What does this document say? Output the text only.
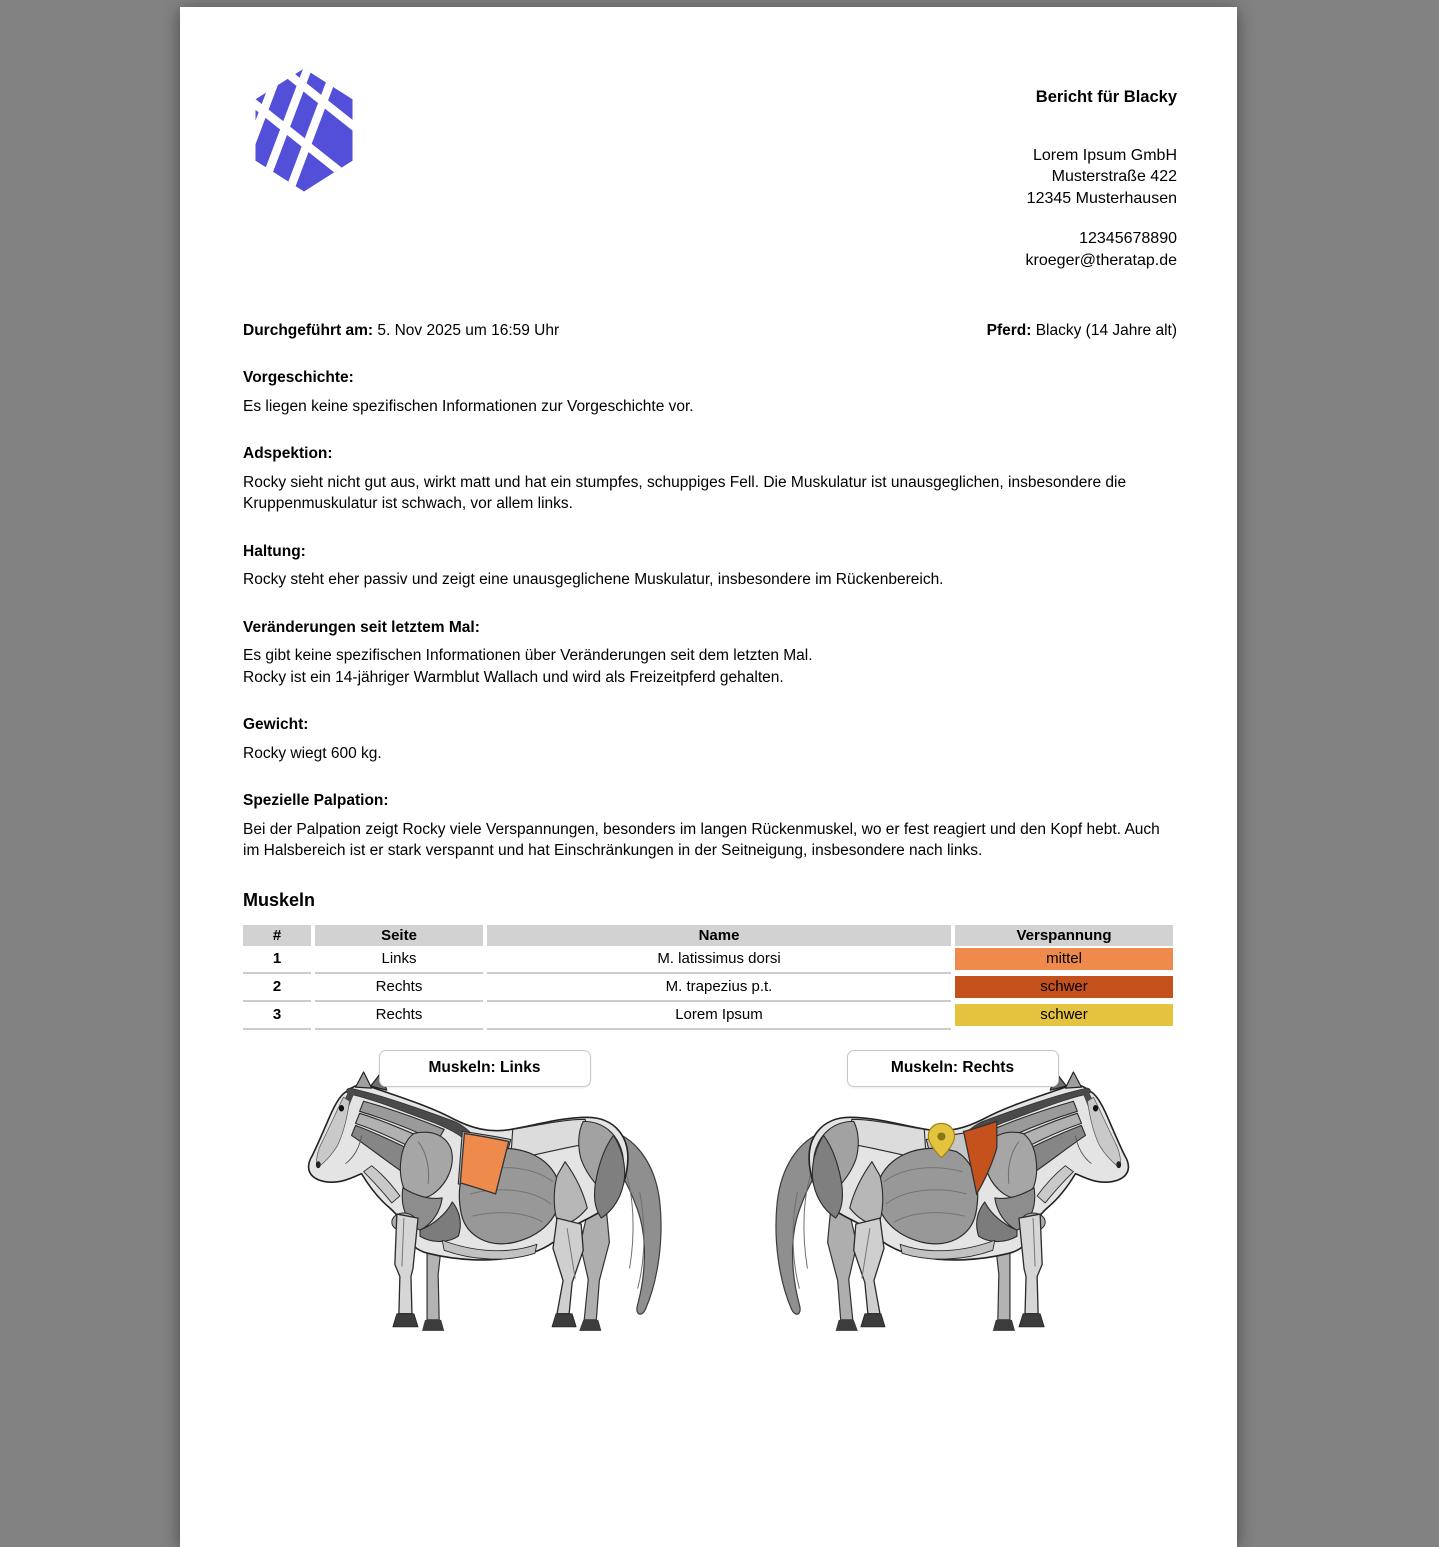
Bericht für Blacky
Lorem Ipsum GmbH
Musterstraße 422
12345 Musterhausen
12345678890
kroeger@theratap.de
Durchgeführt am: 5. Nov 2025 um 16:59 Uhr	Pferd: Blacky (14 Jahre alt)
Vorgeschichte:

Es liegen keine spezifischen Informationen zur Vorgeschichte vor.

Adspektion:

Rocky sieht nicht gut aus, wirkt matt und hat ein stumpfes, schuppiges Fell. Die Muskulatur ist unausgeglichen, insbesondere die Kruppenmuskulatur ist schwach, vor allem links.

Haltung:

Rocky steht eher passiv und zeigt eine unausgeglichene Muskulatur, insbesondere im Rückenbereich.

Veränderungen seit letztem Mal:

Es gibt keine spezifischen Informationen über Veränderungen seit dem letzten Mal.

Rocky ist ein 14-jähriger Warmblut Wallach und wird als Freizeitpferd gehalten.

Gewicht:

Rocky wiegt 600 kg.

Spezielle Palpation:

Bei der Palpation zeigt Rocky viele Verspannungen, besonders im langen Rückenmuskel, wo er fest reagiert und den Kopf hebt. Auch im Halsbereich ist er stark verspannt und hat Einschränkungen in der Seitneigung, insbesondere nach links.

Muskeln
#	Seite	Name	Verspannung
1	Links	M. latissimus dorsi	mittel
2	Rechts	M. trapezius p.t.	schwer
3	Rechts	Lorem Ipsum	schwer
Muskeln: Links	Muskeln: Rechts
